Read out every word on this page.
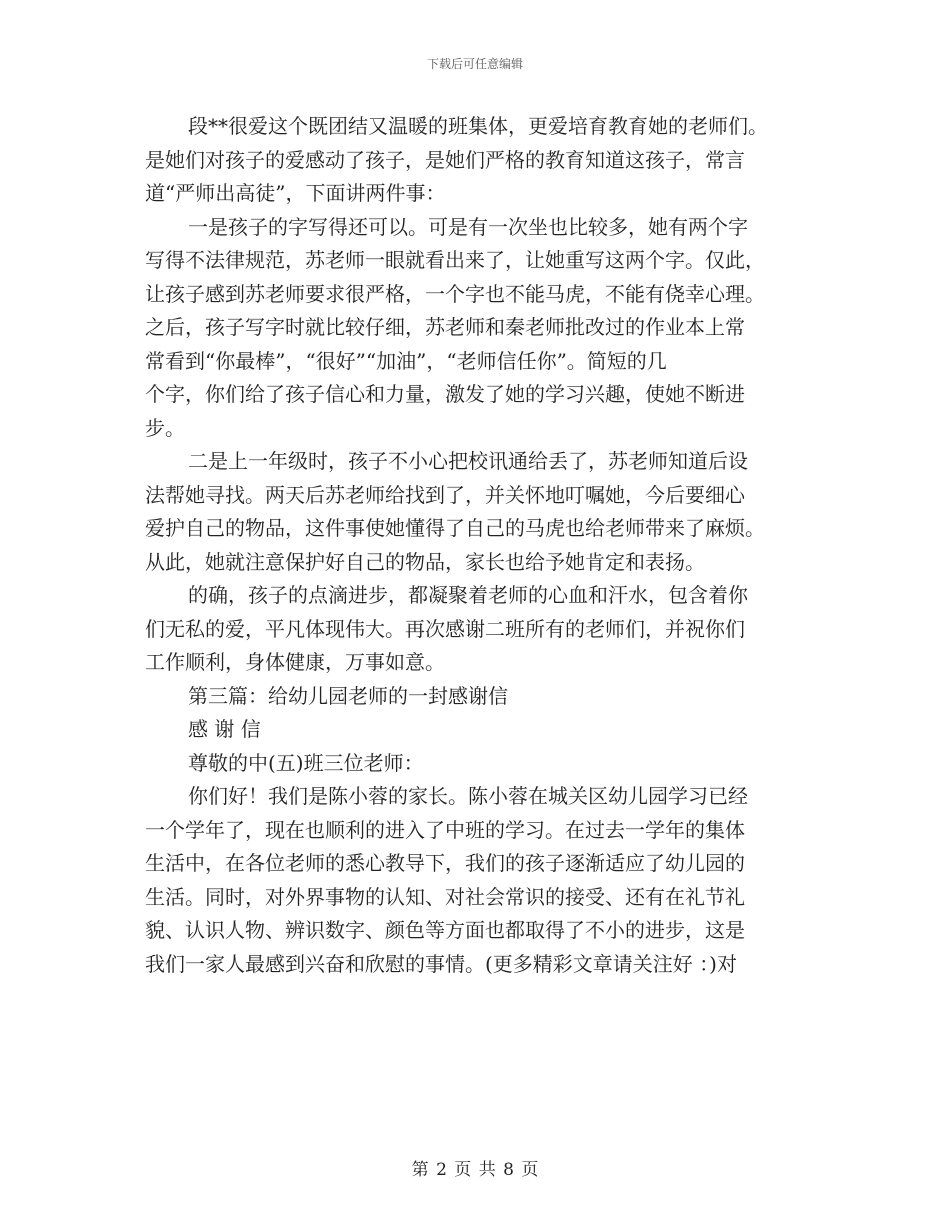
下载后可任意编辑
段**很爱这个既团结又温暖的班集体，更爱培育教育她的老师们。
是她们对孩子的爱感动了孩子，是她们严格的教育知道这孩子，常言
道“严师出高徒”，下面讲两件事：
一是孩子的字写得还可以。可是有一次坐也比较多，她有两个字
写得不法律规范，苏老师一眼就看出来了，让她重写这两个字。仅此，
让孩子感到苏老师要求很严格，一个字也不能马虎，不能有侥幸心理。
之后，孩子写字时就比较仔细，苏老师和秦老师批改过的作业本上常
常看到“你最棒”，“很好”“加油”，“老师信任你”。简短的几
个字，你们给了孩子信心和力量，激发了她的学习兴趣，使她不断进
步。
二是上一年级时，孩子不小心把校讯通给丢了，苏老师知道后设
法帮她寻找。两天后苏老师给找到了，并关怀地叮嘱她，今后要细心
爱护自己的物品，这件事使她懂得了自己的马虎也给老师带来了麻烦。
从此，她就注意保护好自己的物品，家长也给予她肯定和表扬。
的确，孩子的点滴进步，都凝聚着老师的心血和汗水，包含着你
们无私的爱，平凡体现伟大。再次感谢二班所有的老师们，并祝你们
工作顺利，身体健康，万事如意。
第三篇：给幼儿园老师的一封感谢信
感 谢 信
尊敬的中(五)班三位老师：
你们好！我们是陈小蓉的家长。陈小蓉在城关区幼儿园学习已经
一个学年了，现在也顺利的进入了中班的学习。在过去一学年的集体
生活中，在各位老师的悉心教导下，我们的孩子逐渐适应了幼儿园的
生活。同时，对外界事物的认知、对社会常识的接受、还有在礼节礼
貌、认识人物、辨识数字、颜色等方面也都取得了不小的进步，这是
我们一家人最感到兴奋和欣慰的事情。(更多精彩文章请关注好 ：)对
第 2 页 共 8 页
